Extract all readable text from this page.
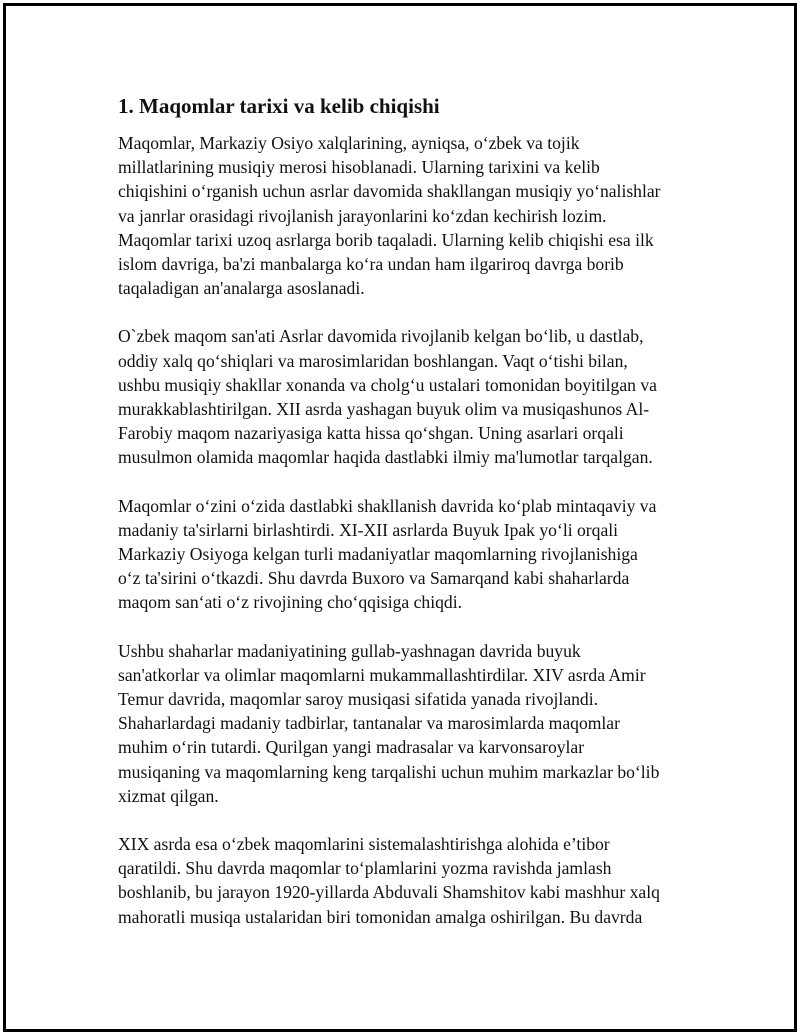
1. Maqomlar tarixi va kelib chiqishi

Maqomlar, Markaziy Osiyo xalqlarining, ayniqsa, o‘zbek va tojik
millatlarining musiqiy merosi hisoblanadi. Ularning tarixini va kelib
chiqishini o‘rganish uchun asrlar davomida shakllangan musiqiy yo‘nalishlar
va janrlar orasidagi rivojlanish jarayonlarini ko‘zdan kechirish lozim.
Maqomlar tarixi uzoq asrlarga borib taqaladi. Ularning kelib chiqishi esa ilk
islom davriga, ba'zi manbalarga ko‘ra undan ham ilgariroq davrga borib
taqaladigan an'analarga asoslanadi.

O`zbek maqom san'ati Asrlar davomida rivojlanib kelgan bo‘lib, u dastlab,
oddiy xalq qo‘shiqlari va marosimlaridan boshlangan. Vaqt o‘tishi bilan,
ushbu musiqiy shakllar xonanda va cholg‘u ustalari tomonidan boyitilgan va
murakkablashtirilgan. XII asrda yashagan buyuk olim va musiqashunos Al-
Farobiy maqom nazariyasiga katta hissa qo‘shgan. Uning asarlari orqali
musulmon olamida maqomlar haqida dastlabki ilmiy ma'lumotlar tarqalgan.

Maqomlar o‘zini o‘zida dastlabki shakllanish davrida ko‘plab mintaqaviy va
madaniy ta'sirlarni birlashtirdi. XI-XII asrlarda Buyuk Ipak yo‘li orqali
Markaziy Osiyoga kelgan turli madaniyatlar maqomlarning rivojlanishiga
o‘z ta'sirini o‘tkazdi. Shu davrda Buxoro va Samarqand kabi shaharlarda
maqom san‘ati o‘z rivojining cho‘qqisiga chiqdi.

Ushbu shaharlar madaniyatining gullab-yashnagan davrida buyuk
san'atkorlar va olimlar maqomlarni mukammallashtirdilar. XIV asrda Amir
Temur davrida, maqomlar saroy musiqasi sifatida yanada rivojlandi.
Shaharlardagi madaniy tadbirlar, tantanalar va marosimlarda maqomlar
muhim o‘rin tutardi. Qurilgan yangi madrasalar va karvonsaroylar
musiqaning va maqomlarning keng tarqalishi uchun muhim markazlar bo‘lib
xizmat qilgan.

XIX asrda esa o‘zbek maqomlarini sistemalashtirishga alohida e’tibor
qaratildi. Shu davrda maqomlar to‘plamlarini yozma ravishda jamlash
boshlanib, bu jarayon 1920-yillarda Abduvali Shamshitov kabi mashhur xalq
mahoratli musiqa ustalaridan biri tomonidan amalga oshirilgan. Bu davrda
